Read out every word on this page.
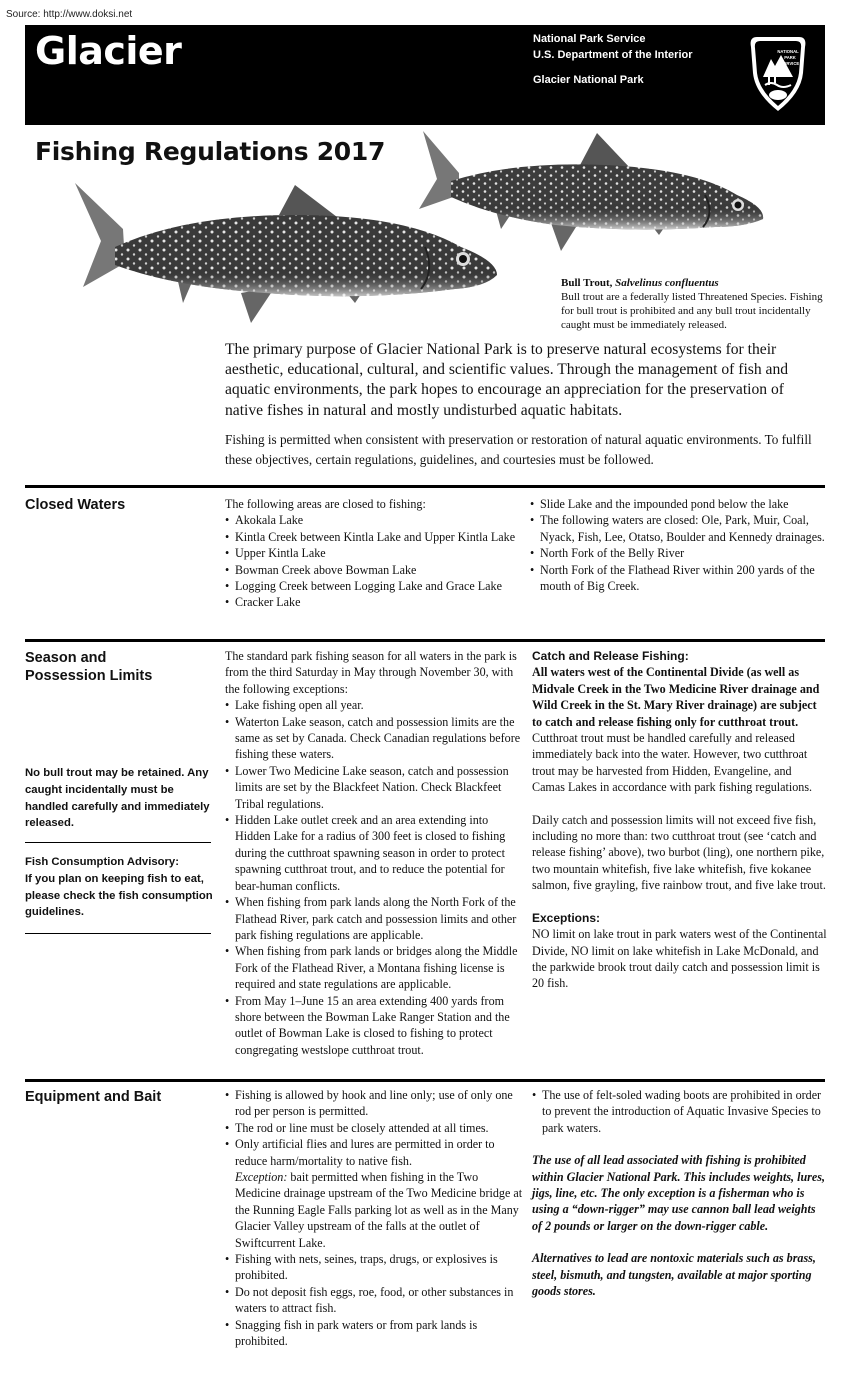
Source: http://www.doksi.net
Glacier	National Park Service
U.S. Department of the Interior
Glacier National Park
NATIONAL
PARK
SERVICE
Fishing Regulations 2017
Bull Trout, Salvelinus confluentus
Bull trout are a federally listed Threatened Species. Fishing for bull trout is prohibited and any bull trout incidentally caught must be immediately released.
The primary purpose of Glacier National Park is to preserve natural ecosystems for their aesthetic, educational, cultural, and scientific values. Through the management of fish and aquatic environments, the park hopes to encourage an appreciation for the preservation of native fishes in natural and mostly undisturbed aquatic habitats.
Fishing is permitted when consistent with preservation or restoration of natural aquatic environments. To fulfill these objectives, certain regulations, guidelines, and courtesies must be followed.
Closed Waters	The following areas are closed to fishing:

• Akokala Lake
• Kintla Creek between Kintla Lake and Upper Kintla Lake
• Upper Kintla Lake
• Bowman Creek above Bowman Lake
• Logging Creek between Logging Lake and Grace Lake
• Cracker Lake
• Slide Lake and the impounded pond below the lake
• The following waters are closed: Ole, Park, Muir, Coal, Nyack, Fish, Lee, Otatso, Boulder and Kennedy drainages.
• North Fork of the Belly River
• North Fork of the Flathead River within 200 yards of the mouth of Big Creek.
Season and
Possession Limits
No bull trout may be retained. Any caught incidentally must be handled carefully and immediately released.
Fish Consumption Advisory:
If you plan on keeping fish to eat, please check the fish consumption guidelines.

The standard park fishing season for all waters in the park is from the third Saturday in May through November 30, with the following exceptions:

• Lake fishing open all year.
• Waterton Lake season, catch and possession limits are the same as set by Canada. Check Canadian regulations before fishing these waters.
• Lower Two Medicine Lake season, catch and possession limits are set by the Blackfeet Nation. Check Blackfeet Tribal regulations.
• Hidden Lake outlet creek and an area extending into Hidden Lake for a radius of 300 feet is closed to fishing during the cutthroat spawning season in order to protect spawning cutthroat trout, and to reduce the potential for bear-human conflicts.
• When fishing from park lands along the North Fork of the Flathead River, park catch and possession limits and other park fishing regulations are applicable.
• When fishing from park lands or bridges along the Middle Fork of the Flathead River, a Montana fishing license is required and state regulations are applicable.
• From May 1–June 15 an area extending 400 yards from shore between the Bowman Lake Ranger Station and the outlet of Bowman Lake is closed to fishing to protect congregating westslope cutthroat trout.

Catch and Release Fishing:

All waters west of the Continental Divide (as well as Midvale Creek in the Two Medicine River drainage and Wild Creek in the St. Mary River drainage) are subject to catch and release fishing only for cutthroat trout. Cutthroat trout must be handled carefully and released immediately back into the water. However, two cutthroat trout may be harvested from Hidden, Evangeline, and Camas Lakes in accordance with park fishing regulations.

Daily catch and possession limits will not exceed five fish, including no more than: two cutthroat trout (see ‘catch and release fishing’ above), two burbot (ling), one northern pike, two mountain whitefish, five lake whitefish, five kokanee salmon, five grayling, five rainbow trout, and five lake trout.

Exceptions:

NO limit on lake trout in park waters west of the Continental Divide, NO limit on lake whitefish in Lake McDonald, and the parkwide brook trout daily catch and possession limit is 20 fish.

Equipment and Bait
•	Fishing is allowed by hook and line only; use of only one rod per person is permitted.
• The rod or line must be closely attended at all times.
• Only artificial flies and lures are permitted in order to reduce harm/mortality to native fish.

Exception: bait permitted when fishing in the Two Medicine drainage upstream of the Two Medicine bridge at the Running Eagle Falls parking lot as well as in the Many Glacier Valley upstream of the falls at the outlet of Swiftcurrent Lake.

• Fishing with nets, seines, traps, drugs, or explosives is prohibited.
• Do not deposit fish eggs, roe, food, or other substances in waters to attract fish.
• Snagging fish in park waters or from park lands is prohibited.
• The use of felt-soled wading boots are prohibited in order to prevent the introduction of Aquatic Invasive Species to park waters.

The use of all lead associated with fishing is prohibited within Glacier National Park. This includes weights, lures, jigs, line, etc. The only exception is a fisherman who is using a “down-rigger” may use cannon ball lead weights of 2 pounds or larger on the down-rigger cable.

Alternatives to lead are nontoxic materials such as brass, steel, bismuth, and tungsten, available at major sporting goods stores.
